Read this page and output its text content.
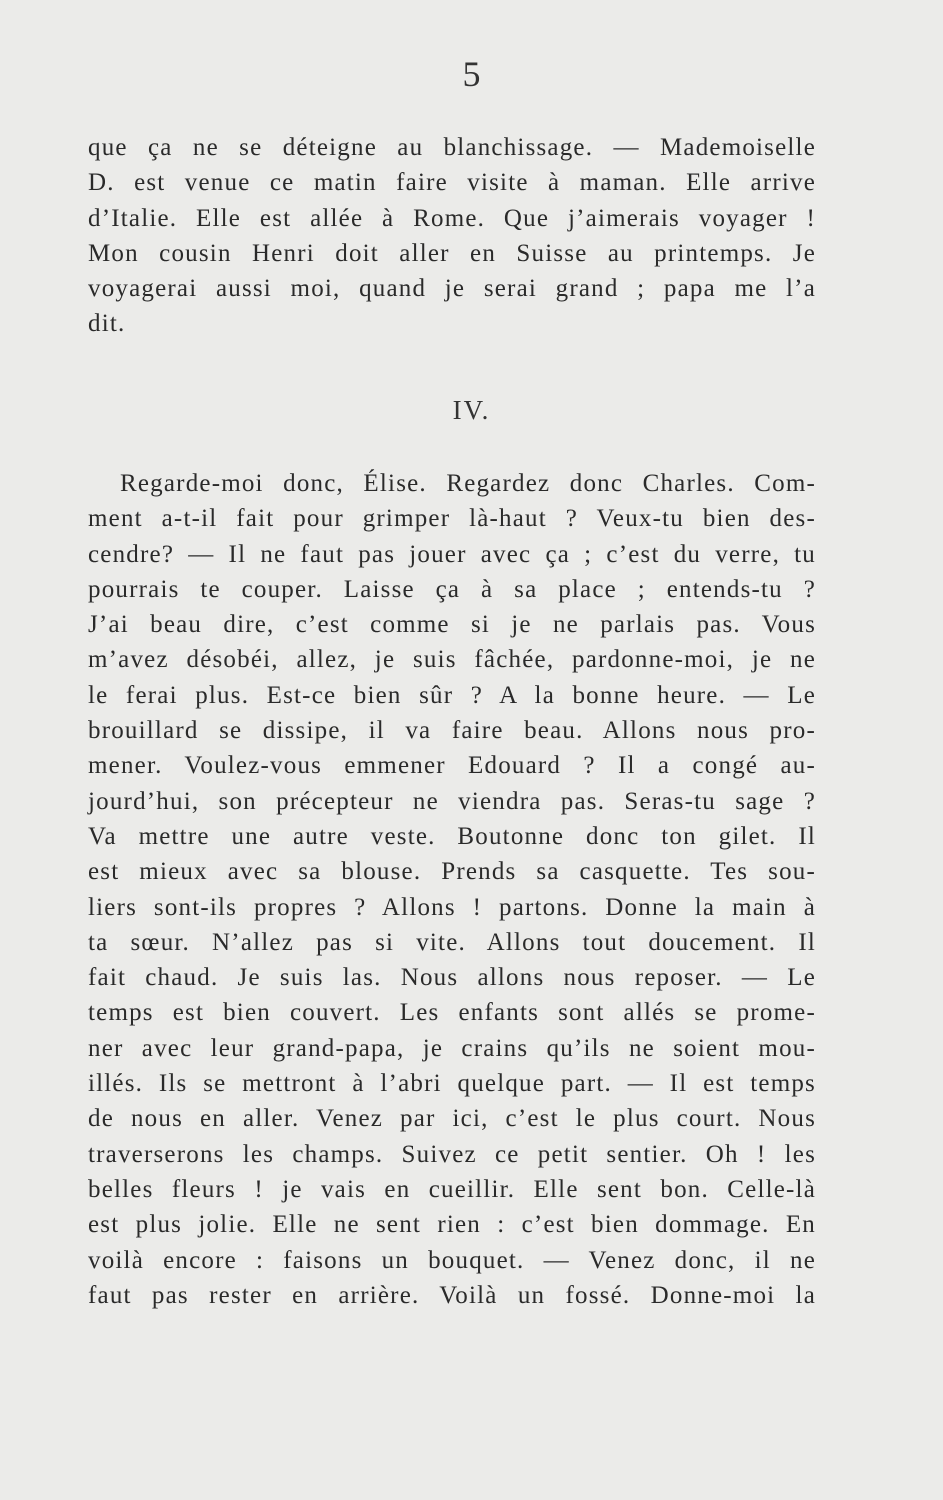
5
que ça ne se déteigne au blanchissage. — Mademoiselle
D. est venue ce matin faire visite à maman. Elle arrive
d’Italie. Elle est allée à Rome. Que j’aimerais voyager !
Mon cousin Henri doit aller en Suisse au printemps. Je
voyagerai aussi moi, quand je serai grand ; papa me l’a
dit.
IV.
Regarde-moi donc, Élise. Regardez donc Charles. Com-
ment a-t-il fait pour grimper là-haut ? Veux-tu bien des-
cendre? — Il ne faut pas jouer avec ça ; c’est du verre, tu
pourrais te couper. Laisse ça à sa place ; entends-tu ?
J’ai beau dire, c’est comme si je ne parlais pas. Vous
m’avez désobéi, allez, je suis fâchée, pardonne-moi, je ne
le ferai plus. Est-ce bien sûr ? A la bonne heure. — Le
brouillard se dissipe, il va faire beau. Allons nous pro-
mener. Voulez-vous emmener Edouard ? Il a congé au-
jourd’hui, son précepteur ne viendra pas. Seras-tu sage ?
Va mettre une autre veste. Boutonne donc ton gilet. Il
est mieux avec sa blouse. Prends sa casquette. Tes sou-
liers sont-ils propres ? Allons ! partons. Donne la main à
ta sœur. N’allez pas si vite. Allons tout doucement. Il
fait chaud. Je suis las. Nous allons nous reposer. — Le
temps est bien couvert. Les enfants sont allés se prome-
ner avec leur grand-papa, je crains qu’ils ne soient mou-
illés. Ils se mettront à l’abri quelque part. — Il est temps
de nous en aller. Venez par ici, c’est le plus court. Nous
traverserons les champs. Suivez ce petit sentier. Oh ! les
belles fleurs ! je vais en cueillir. Elle sent bon. Celle-là
est plus jolie. Elle ne sent rien : c’est bien dommage. En
voilà encore : faisons un bouquet. — Venez donc, il ne
faut pas rester en arrière. Voilà un fossé. Donne-moi la
